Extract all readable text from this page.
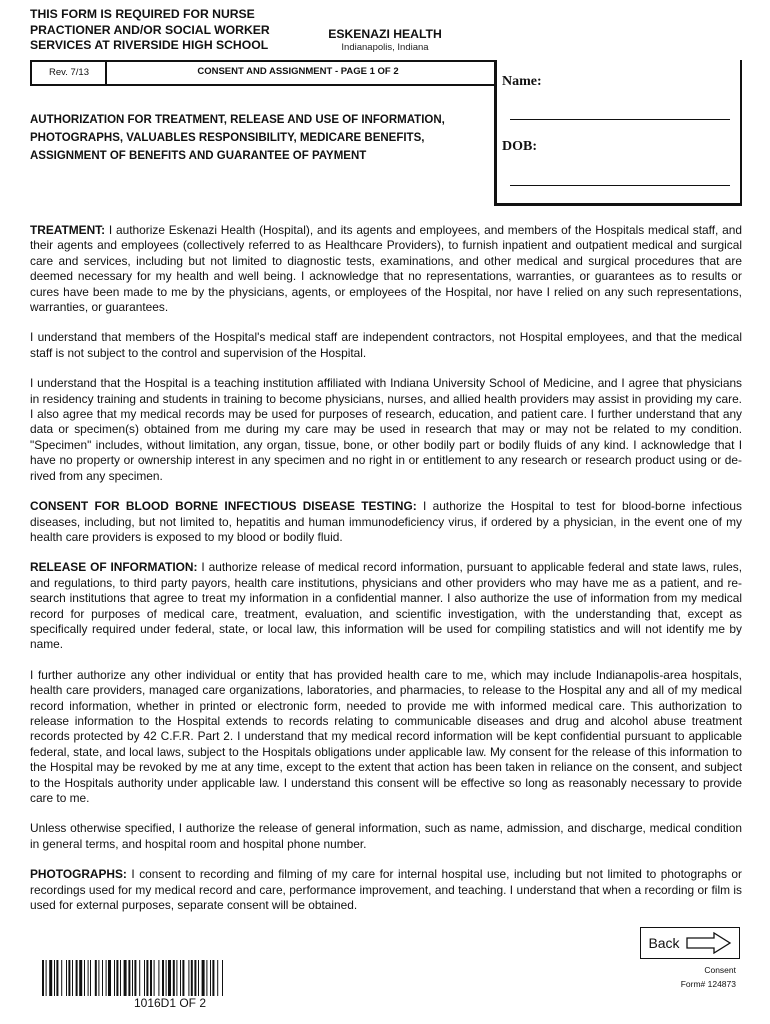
THIS FORM IS REQUIRED FOR NURSE PRACTIONER AND/OR SOCIAL WORKER SERVICES AT RIVERSIDE HIGH SCHOOL
ESKENAZI HEALTH
Indianapolis, Indiana
Rev. 7/13	CONSENT AND ASSIGNMENT - PAGE 1 OF 2
Name:
DOB:
AUTHORIZATION FOR TREATMENT, RELEASE AND USE OF INFORMATION, PHOTOGRAPHS, VALUABLES RESPONSIBILITY, MEDICARE BENEFITS, ASSIGNMENT OF BENEFITS AND GUARANTEE OF PAYMENT

TREATMENT: I authorize Eskenazi Health (Hospital), and its agents and employees, and members of the Hospitals medical staff, and their agents and employees (collectively referred to as Healthcare Providers), to furnish inpatient and outpatient medical and surgical care and services, including but not limited to diagnostic tests, examinations, and other medical and surgical procedures that are deemed necessary for my health and well being. I acknowledge that no representations, warranties, or guarantees as to results or cures have been made to me by the physicians, agents, or employees of the Hospital, nor have I relied on any such representations, warranties, or guarantees.

I understand that members of the Hospital's medical staff are independent contractors, not Hospital employees, and that the medical staff is not subject to the control and supervision of the Hospital.

I understand that the Hospital is a teaching institution affiliated with Indiana University School of Medicine, and I agree that physicians in residency training and students in training to become physicians, nurses, and allied health providers may assist in providing my care. I also agree that my medical records may be used for purposes of research, education, and patient care. I further understand that any data or specimen(s) obtained from me during my care may be used in research that may or may not be related to my condition. "Specimen" includes, without limitation, any organ, tissue, bone, or other bodily part or bodily fluids of any kind. I acknowledge that I have no property or ownership interest in any specimen and no right in or entitlement to any research or research product using or de-rived from any specimen.

CONSENT FOR BLOOD BORNE INFECTIOUS DISEASE TESTING: I authorize the Hospital to test for blood-borne infectious diseases, including, but not limited to, hepatitis and human immunodeficiency virus, if ordered by a physician, in the event one of my health care providers is exposed to my blood or bodily fluid.

RELEASE OF INFORMATION: I authorize release of medical record information, pursuant to applicable federal and state laws, rules, and regulations, to third party payors, health care institutions, physicians and other providers who may have me as a patient, and re-search institutions that agree to treat my information in a confidential manner. I also authorize the use of information from my medical record for purposes of medical care, treatment, evaluation, and scientific investigation, with the understanding that, except as specifically required under federal, state, or local law, this information will be used for compiling statistics and will not identify me by name.

I further authorize any other individual or entity that has provided health care to me, which may include Indianapolis-area hospitals, health care providers, managed care organizations, laboratories, and pharmacies, to release to the Hospital any and all of my medical record information, whether in printed or electronic form, needed to provide me with informed medical care. This authorization to release information to the Hospital extends to records relating to communicable diseases and drug and alcohol abuse treatment records protected by 42 C.F.R. Part 2. I understand that my medical record information will be kept confidential pursuant to applicable federal, state, and local laws, subject to the Hospitals obligations under applicable law. My consent for the release of this information to the Hospital may be revoked by me at any time, except to the extent that action has been taken in reliance on the consent, and subject to the Hospitals authority under applicable law. I understand this consent will be effective so long as reasonably necessary to provide care to me.

Unless otherwise specified, I authorize the release of general information, such as name, admission, and discharge, medical condition in general terms, and hospital room and hospital phone number.

PHOTOGRAPHS: I consent to recording and filming of my care for internal hospital use, including but not limited to photographs or recordings used for my medical record and care, performance improvement, and teaching. I understand that when a recording or film is used for external purposes, separate consent will be obtained.

Back
Consent
Form# 124873
1016D1 OF 2
